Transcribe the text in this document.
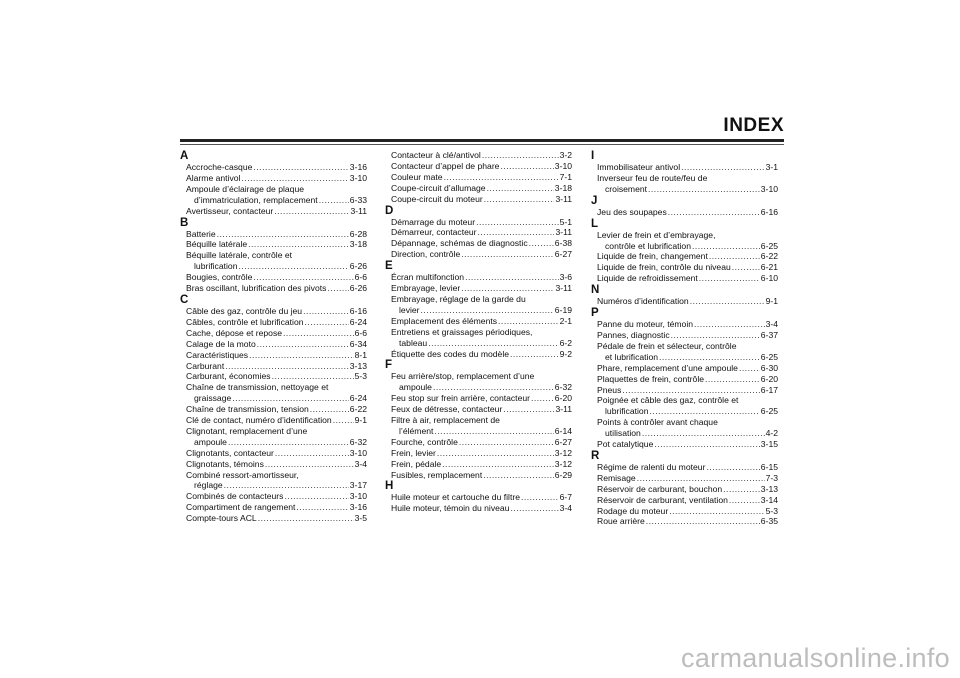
INDEX
A
Accroche-casque .....	3-16
Alarme antivol .....	3-10
Ampoule d’éclairage de plaque
d’immatriculation, remplacement .....	6-33
Avertisseur, contacteur .....	3-11
B
Batterie .....	6-28
Béquille latérale .....	3-18
Béquille latérale, contrôle et
lubrification .....	6-26
Bougies, contrôle .....	6-6
Bras oscillant, lubrification des pivots .....	6-26
C
Câble des gaz, contrôle du jeu .....	6-16
Câbles, contrôle et lubrification .....	6-24
Cache, dépose et repose .....	6-6
Calage de la moto .....	6-34
Caractéristiques .....	8-1
Carburant .....	3-13
Carburant, économies .....	5-3
Chaîne de transmission, nettoyage et
graissage .....	6-24
Chaîne de transmission, tension .....	6-22
Clé de contact, numéro d’identification .....	9-1
Clignotant, remplacement d’une
ampoule .....	6-32
Clignotants, contacteur .....	3-10
Clignotants, témoins .....	3-4
Combiné ressort-amortisseur,
réglage .....	3-17
Combinés de contacteurs .....	3-10
Compartiment de rangement .....	3-16
Compte-tours ACL .....	3-5
Contacteur à clé/antivol .....	3-2
Contacteur d’appel de phare .....	3-10
Couleur mate .....	7-1
Coupe-circuit d’allumage .....	3-18
Coupe-circuit du moteur .....	3-11
D
Démarrage du moteur .....	5-1
Démarreur, contacteur .....	3-11
Dépannage, schémas de diagnostic .....	6-38
Direction, contrôle .....	6-27
E
Écran multifonction .....	3-6
Embrayage, levier .....	3-11
Embrayage, réglage de la garde du
levier .....	6-19
Emplacement des éléments .....	2-1
Entretiens et graissages périodiques,
tableau .....	6-2
Étiquette des codes du modèle .....	9-2
F
Feu arrière/stop, remplacement d’une
ampoule .....	6-32
Feu stop sur frein arrière, contacteur .....	6-20
Feux de détresse, contacteur .....	3-11
Filtre à air, remplacement de
l’élément .....	6-14
Fourche, contrôle .....	6-27
Frein, levier .....	3-12
Frein, pédale .....	3-12
Fusibles, remplacement .....	6-29
H
Huile moteur et cartouche du filtre .....	6-7
Huile moteur, témoin du niveau .....	3-4
I
Immobilisateur antivol .....	3-1
Inverseur feu de route/feu de
croisement .....	3-10
J
Jeu des soupapes .....	6-16
L
Levier de frein et d’embrayage,
contrôle et lubrification .....	6-25
Liquide de frein, changement .....	6-22
Liquide de frein, contrôle du niveau .....	6-21
Liquide de refroidissement .....	6-10
N
Numéros d’identification .....	9-1
P
Panne du moteur, témoin .....	3-4
Pannes, diagnostic .....	6-37
Pédale de frein et sélecteur, contrôle
et lubrification .....	6-25
Phare, remplacement d’une ampoule .....	6-30
Plaquettes de frein, contrôle .....	6-20
Pneus .....	6-17
Poignée et câble des gaz, contrôle et
lubrification .....	6-25
Points à contrôler avant chaque
utilisation .....	4-2
Pot catalytique .....	3-15
R
Régime de ralenti du moteur .....	6-15
Remisage .....	7-3
Réservoir de carburant, bouchon .....	3-13
Réservoir de carburant, ventilation .....	3-14
Rodage du moteur .....	5-3
Roue arrière .....	6-35
carmanualsonline.info
